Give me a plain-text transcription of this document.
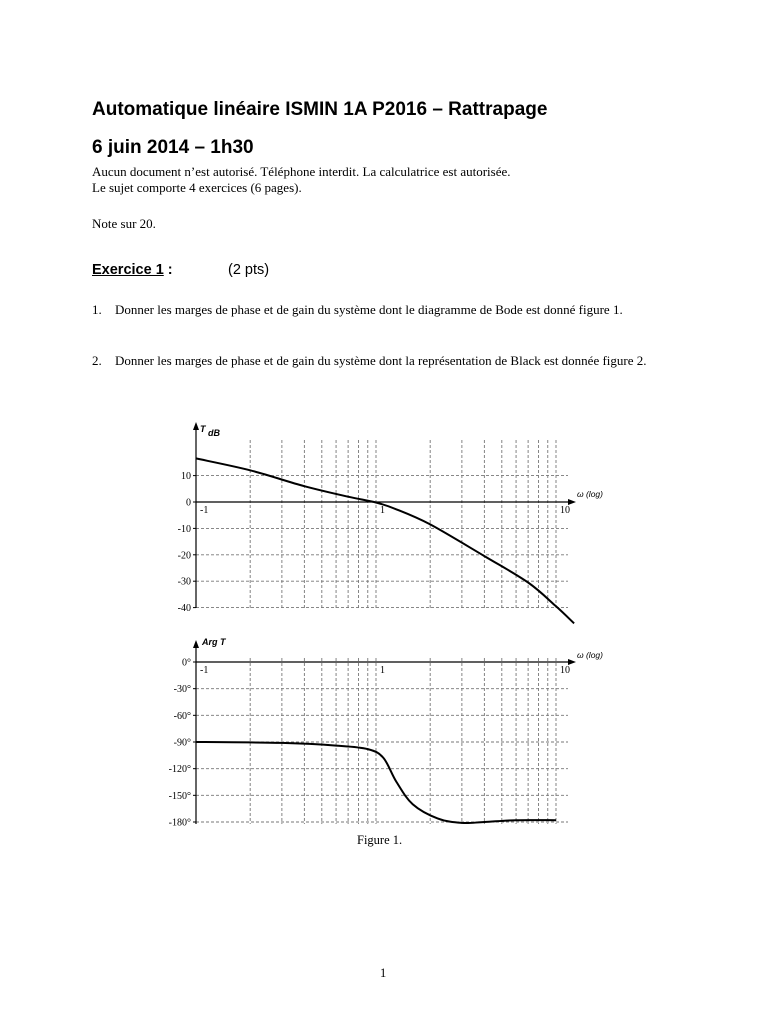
Automatique linéaire ISMIN 1A P2016 – Rattrapage
6 juin 2014 – 1h30
Aucun document n’est autorisé. Téléphone interdit. La calculatrice est autorisée.
Le sujet comporte 4 exercices (6 pages).
Note sur 20.
Exercice 1 :	(2 pts)
1. Donner les marges de phase et de gain du système dont le diagramme de Bode est donné figure 1.
2. Donner les marges de phase et de gain du système dont la représentation de Black est donnée figure 2.
10
0
-10
-20
-30
-40
-1	1	10
T dB
ω (log)
0°
-30°
-60°
-90°
-120°
-150°
-180°
-1	1	10
Arg T
ω (log)
Figure 1.
1
